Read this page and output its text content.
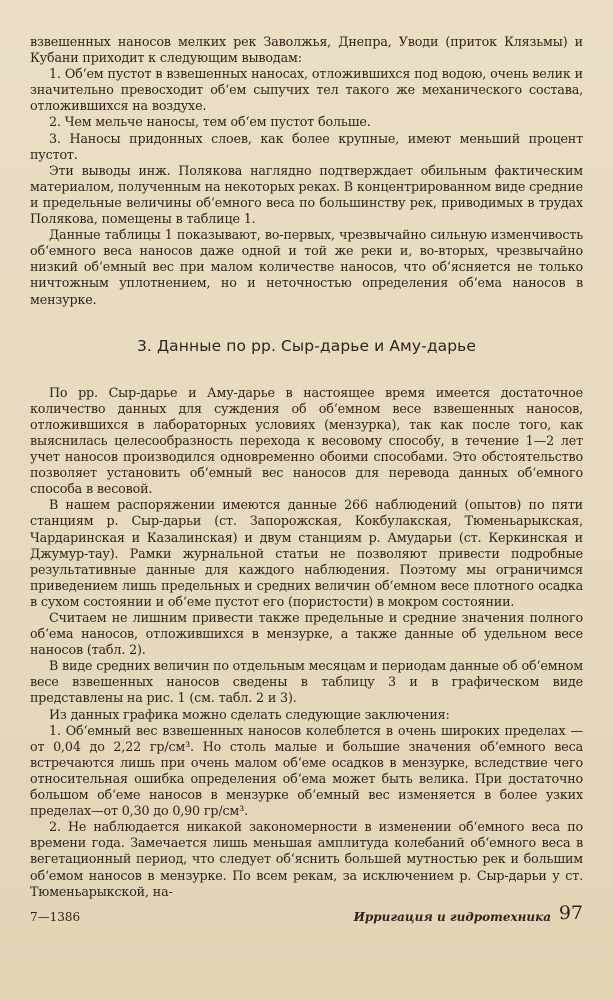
взвешенных наносов мелких рек Заволжья, Днепра, Уводи (приток Клязьмы) и Кубани приходит к следующим выводам:

1. Об‘ем пустот в взвешенных наносах, отложившихся под водою, очень велик и значительно превосходит об‘ем сыпучих тел такого же механического состава, отложившихся на воздухе.

2. Чем мельче наносы, тем об‘ем пустот больше.

3. Наносы придонных слоев, как более крупные, имеют меньший процент пустот.

Эти выводы инж. Полякова наглядно подтверждает обильным фактическим материалом, полученным на некоторых реках. В концентрированном виде средние и предельные величины об‘емного веса по большинству рек, приводимых в трудах Полякова, помещены в таблице 1.

Данные таблицы 1 показывают, во-первых, чрезвычайно сильную изменчивость об‘емного веса наносов даже одной и той же реки и, во-вторых, чрезвычайно низкий об‘емный вес при малом количестве наносов, что об‘ясняется не только ничтожным уплотнением, но и неточностью определения об‘ема наносов в мензурке.

3. Данные по рр. Сыр-дарье и Аму-дарье

По рр. Сыр-дарье и Аму-дарье в настоящее время имеется достаточное количество данных для суждения об об‘емном весе взвешенных наносов, отложившихся в лабораторных условиях (мензурка), так как после того, как выяснилась целесообразность перехода к весовому способу, в течение 1—2 лет учет наносов производился одновременно обоими способами. Это обстоятельство позволяет установить об‘емный вес наносов для перевода данных об‘емного способа в весовой.

В нашем распоряжении имеются данные 266 наблюдений (опытов) по пяти станциям р. Сыр-дарьи (ст. Запорожская, Кокбулакская, Тюменьарыкская, Чардаринская и Казалинская) и двум станциям р. Амударьи (ст. Керкинская и Джумур-тау). Рамки журнальной статьи не позволяют привести подробные результативные данные для каждого наблюдения. Поэтому мы ограничимся приведением лишь предельных и средних величин об‘емном весе плотного осадка в сухом состоянии и об‘еме пустот его (пористости) в мокром состоянии.

Считаем не лишним привести также предельные и средние значения полного об‘ема наносов, отложившихся в мензурке, а также данные об удельном весе наносов (табл. 2).

В виде средних величин по отдельным месяцам и периодам данные об об‘емном весе взвешенных наносов сведены в таблицу 3 и в графическом виде представлены на рис. 1 (см. табл. 2 и 3).

Из данных графика можно сделать следующие заключения:

1. Об‘емный вес взвешенных наносов колеблется в очень широких пределах — от 0,04 до 2,22 гр/см³. Но столь малые и большие значения об‘емного веса встречаются лишь при очень малом об‘еме осадков в мензурке, вследствие чего относительная ошибка определения об‘ема может быть велика. При достаточно большом об‘еме наносов в мензурке об‘емный вес изменяется в более узких пределах—от 0,30 до 0,90 гр/см³.

2. Не наблюдается никакой закономерности в изменении об‘емного веса по времени года. Замечается лишь меньшая амплитуда колебаний об‘емного веса в вегетационный период, что следует об‘яснить большей мутностью рек и большим об‘емом наносов в мензурке. По всем рекам, за исключением р. Сыр-дарьи у ст. Тюменьарыкской, на-

7—1386	Ирригация и гидротехника 97
